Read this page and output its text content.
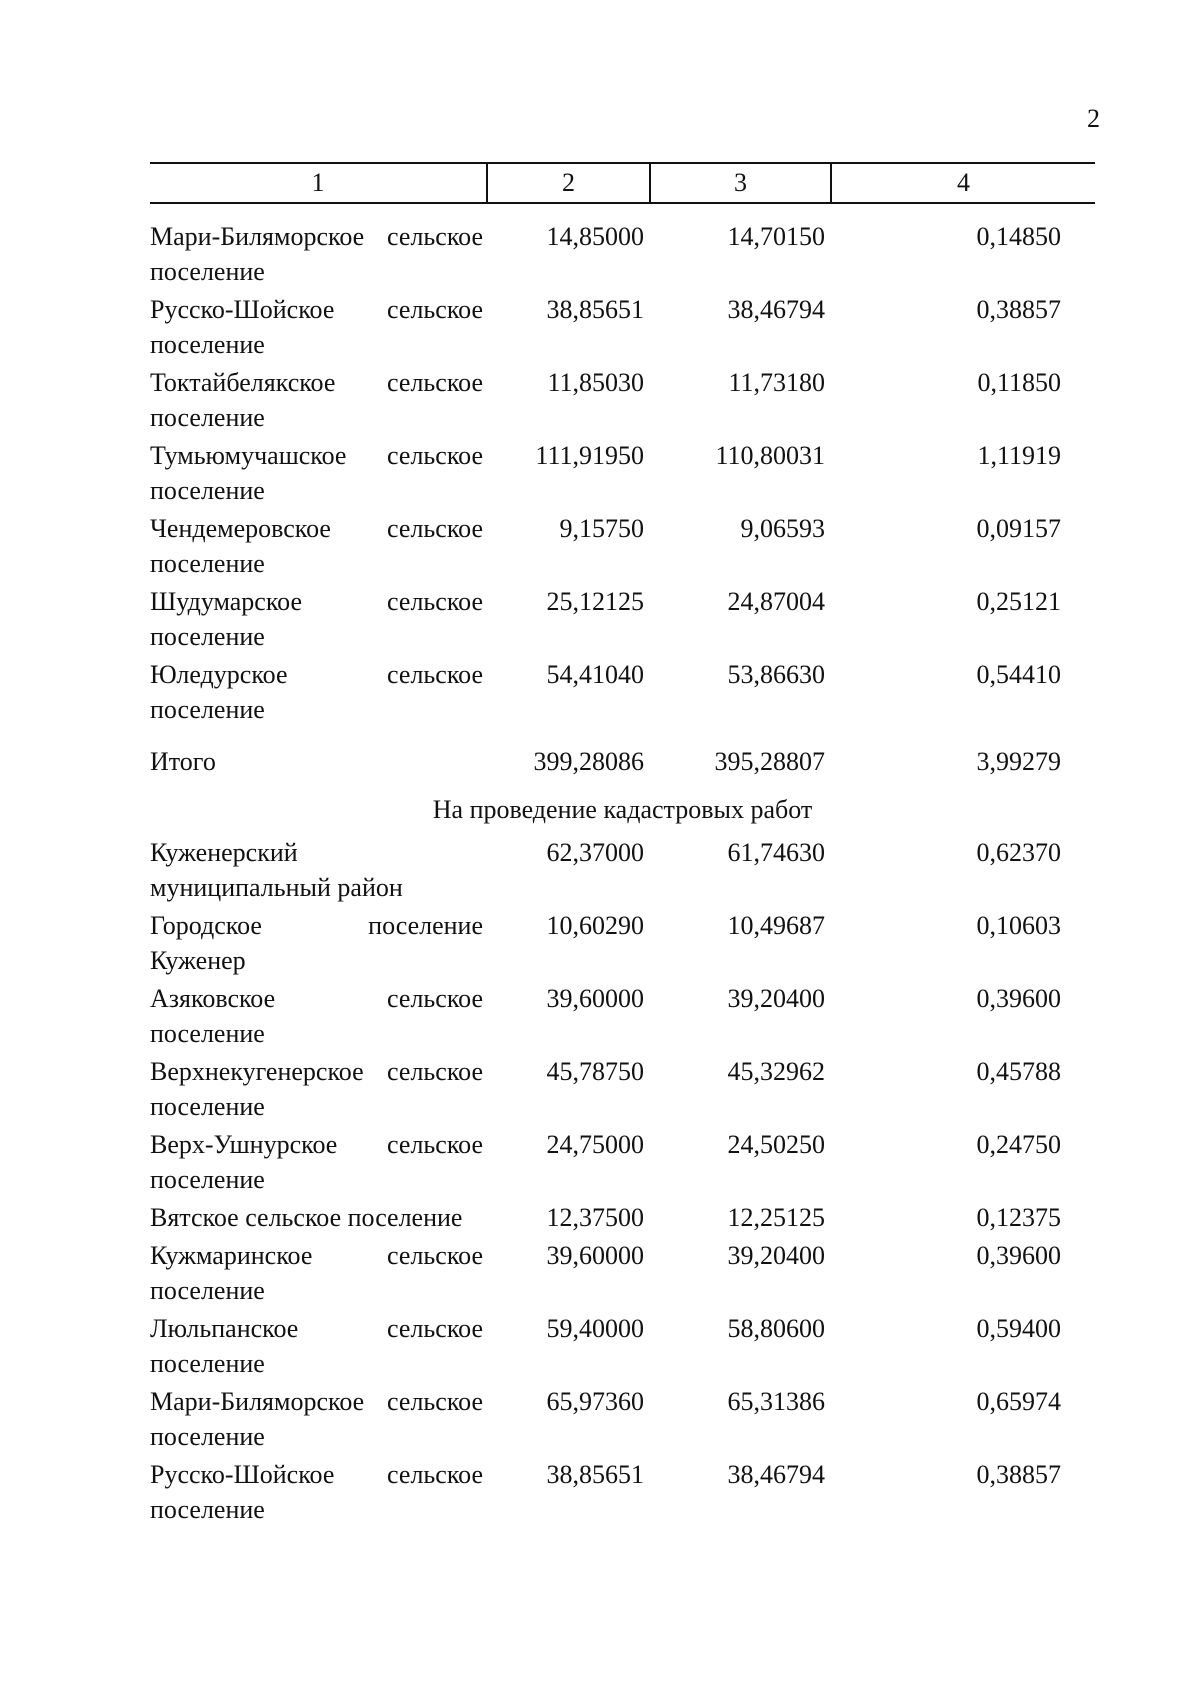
2
1	2	3	4
Мари-Биляморское сельское поселение	14,85000	14,70150	0,14850
Русско-Шойское сельское поселение	38,85651	38,46794	0,38857
Токтайбелякское сельское поселение	11,85030	11,73180	0,11850
Тумьюмучашское сельское поселение	111,91950	110,80031	1,11919
Чендемеровское сельское поселение	9,15750	9,06593	0,09157
Шудумарское сельское поселение	25,12125	24,87004	0,25121
Юледурское сельское поселение	54,41040	53,86630	0,54410
Итого	399,28086	395,28807	3,99279
На проведение кадастровых работ			
Куженерский муниципальный район	62,37000	61,74630	0,62370
Городское поселение Куженер	10,60290	10,49687	0,10603
Азяковское сельское поселение	39,60000	39,20400	0,39600
Верхнекугенерское сельское поселение	45,78750	45,32962	0,45788
Верх-Ушнурское сельское поселение	24,75000	24,50250	0,24750
Вятское сельское поселение	12,37500	12,25125	0,12375
Кужмаринское сельское поселение	39,60000	39,20400	0,39600
Люльпанское сельское поселение	59,40000	58,80600	0,59400
Мари-Биляморское сельское поселение	65,97360	65,31386	0,65974
Русско-Шойское сельское поселение	38,85651	38,46794	0,38857
